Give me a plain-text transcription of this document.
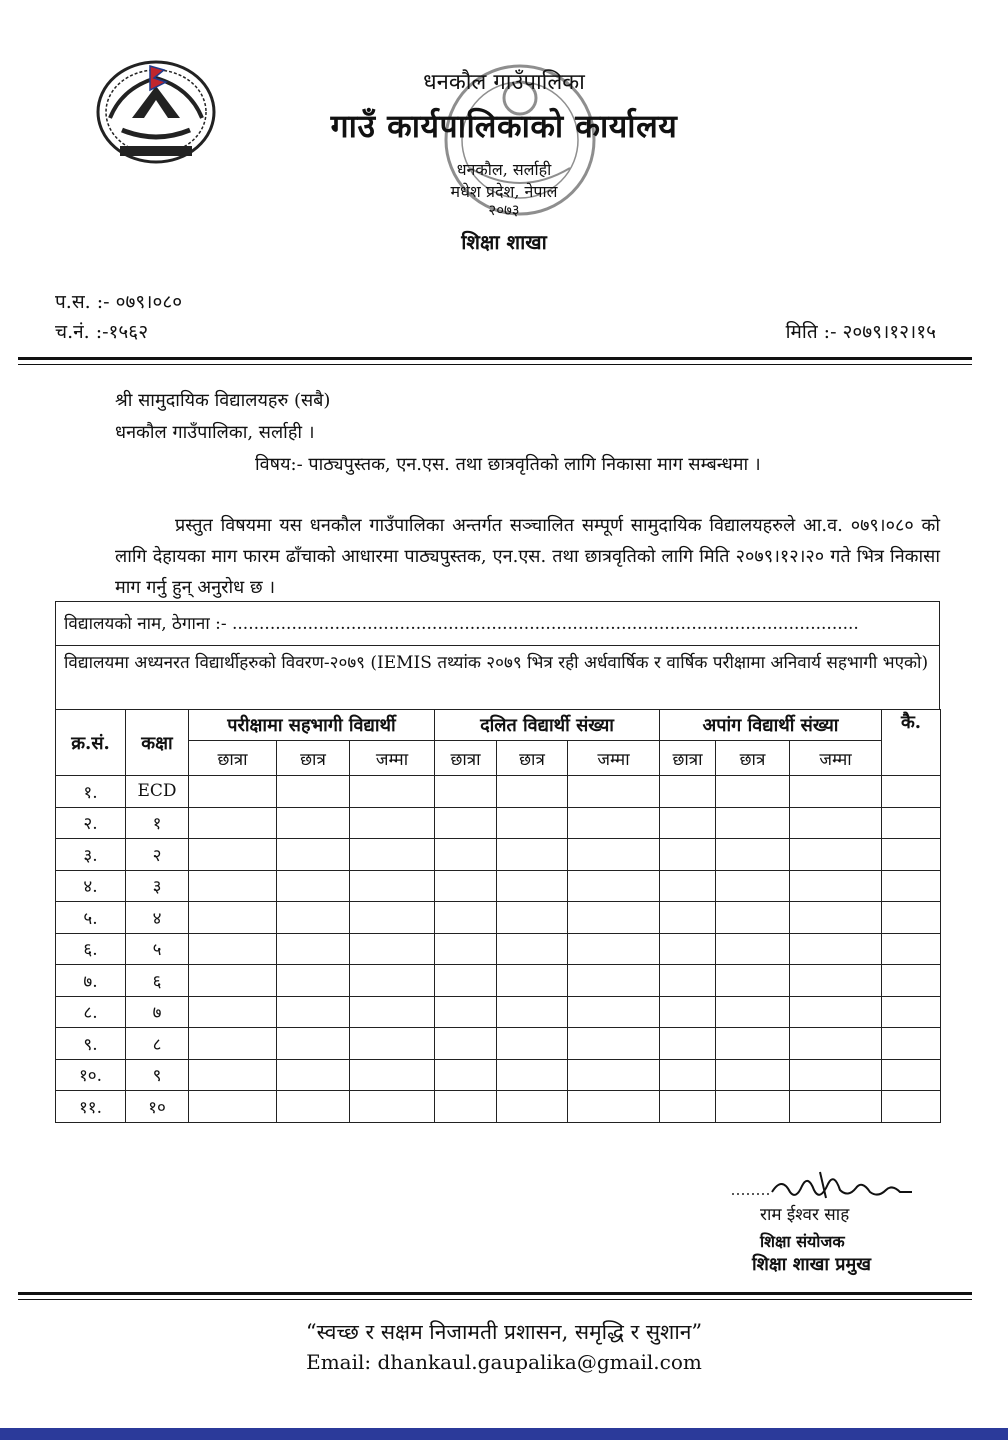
धनकौल गाउँपालिका
गाउँ कार्यपालिकाको कार्यालय
धनकौल, सर्लाही
मधेश प्रदेश, नेपाल
२०७३
शिक्षा शाखा
प.स. :- ०७९।०८०
च.नं. :-१५६२	मिति :- २०७९।१२।१५
श्री सामुदायिक विद्यालयहरु (सबै)
धनकौल गाउँपालिका, सर्लाही ।
विषय:- पाठ्यपुस्तक, एन.एस. तथा छात्रवृतिको लागि निकासा माग सम्बन्धमा ।
प्रस्तुत विषयमा यस धनकौल गाउँपालिका अन्तर्गत सञ्चालित सम्पूर्ण सामुदायिक विद्यालयहरुले आ.व. ०७९।०८० को लागि देहायका माग फारम ढाँचाको आधारमा पाठ्यपुस्तक, एन.एस. तथा छात्रवृतिको लागि मिति २०७९।१२।२० गते भित्र निकासा माग गर्नु हुन् अनुरोध छ ।
विद्यालयको नाम, ठेगाना :- ....................................................................................................................
विद्यालयमा अध्यनरत विद्यार्थीहरुको विवरण-२०७९ (IEMIS तथ्यांक २०७९ भित्र रही अर्धवार्षिक र वार्षिक परीक्षामा अनिवार्य सहभागी भएको)
क्र.सं.	कक्षा	परीक्षामा सहभागी विद्यार्थी			दलित विद्यार्थी संख्या			अपांग विद्यार्थी संख्या			कै.
		छात्रा	छात्र	जम्मा	छात्रा	छात्र	जम्मा	छात्रा	छात्र	जम्मा	
१.	ECD										
२.	१										
३.	२										
४.	३										
५.	४										
६.	५										
७.	६										
८.	७										
९.	८										
१०.	९										
११.	१०										
राम ईश्वर साह
शिक्षा संयोजक
शिक्षा शाखा प्रमुख
“स्वच्छ र सक्षम निजामती प्रशासन, समृद्धि र सुशान”
Email: dhankaul.gaupalika@gmail.com
